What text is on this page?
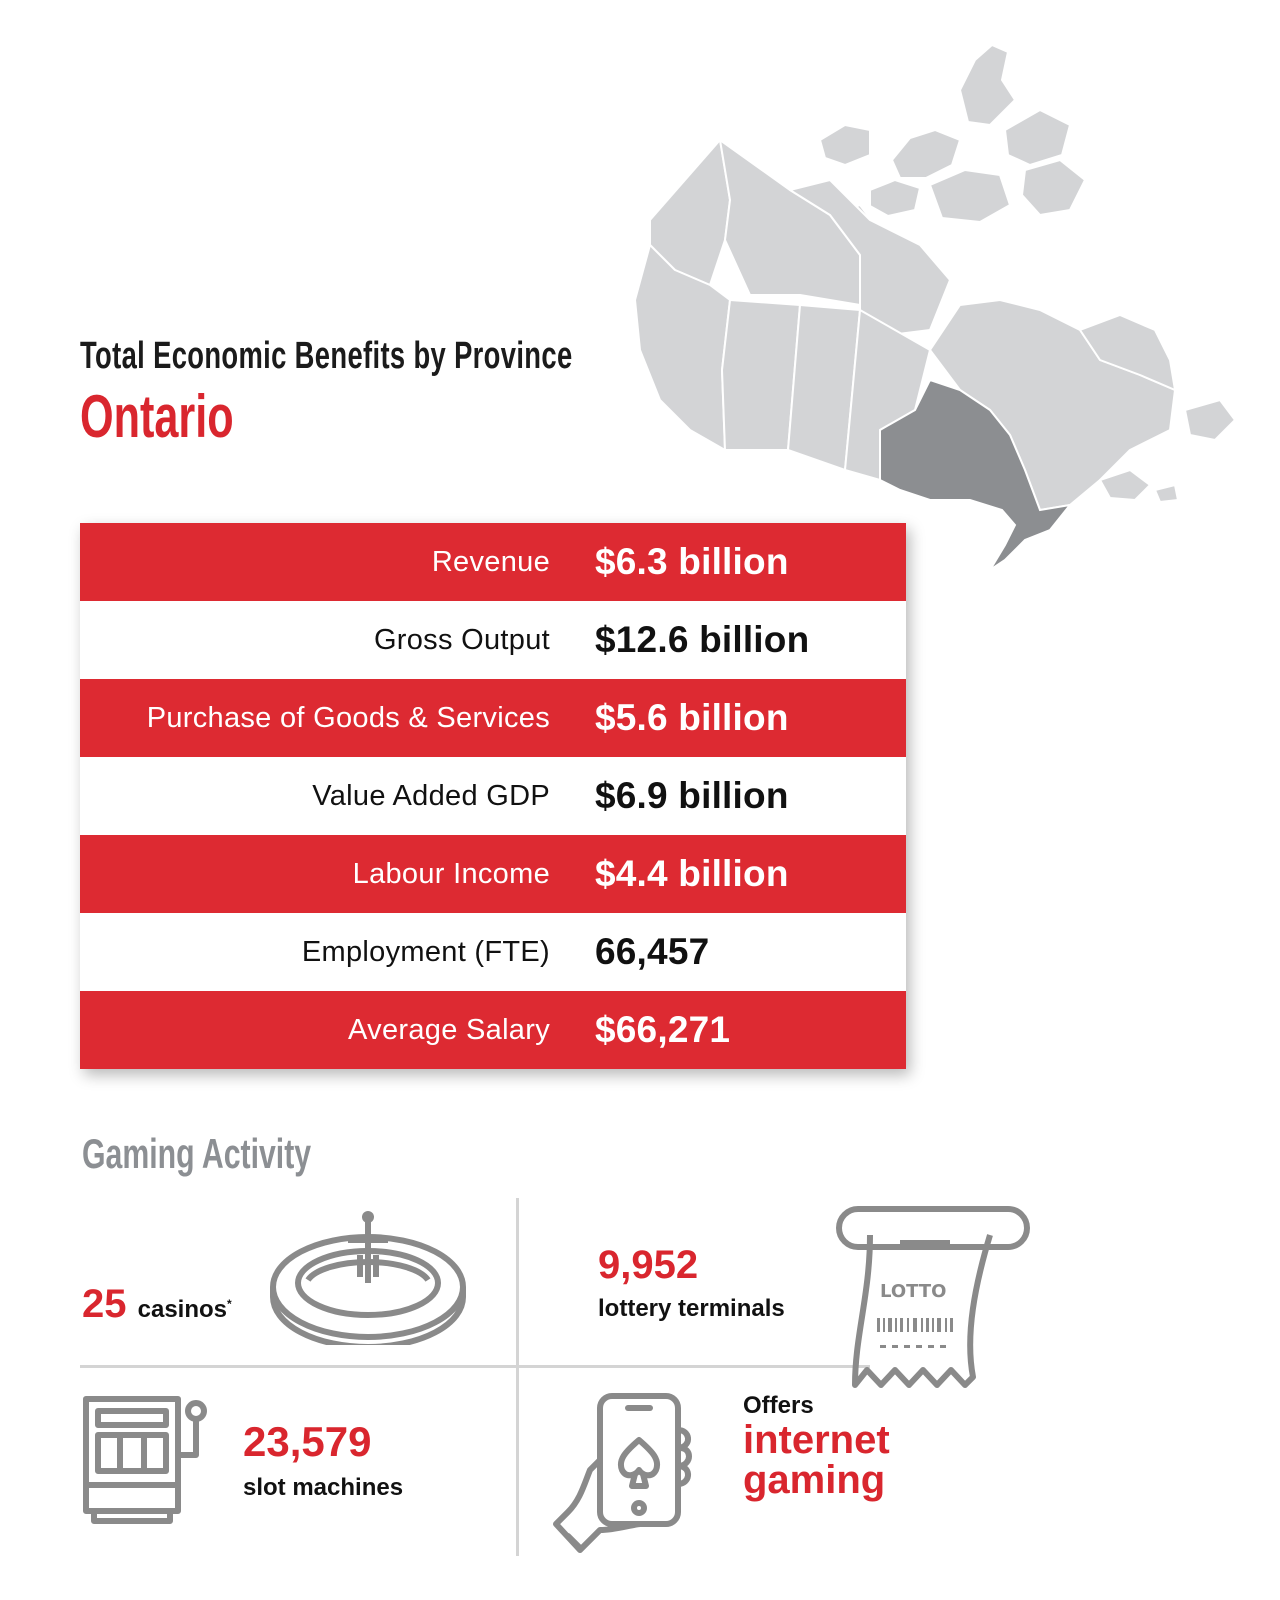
Total Economic Benefits by Province
Ontario
Revenue $6.3 billion
Gross Output $12.6 billion
Purchase of Goods & Services $5.6 billion
Value Added GDP $6.9 billion
Labour Income $4.4 billion
Employment (FTE) 66,457
Average Salary $66,271
Gaming Activity
25 casinos*
9,952
lottery terminals
LOTTO
23,579
slot machines
Offers
internet
gaming
